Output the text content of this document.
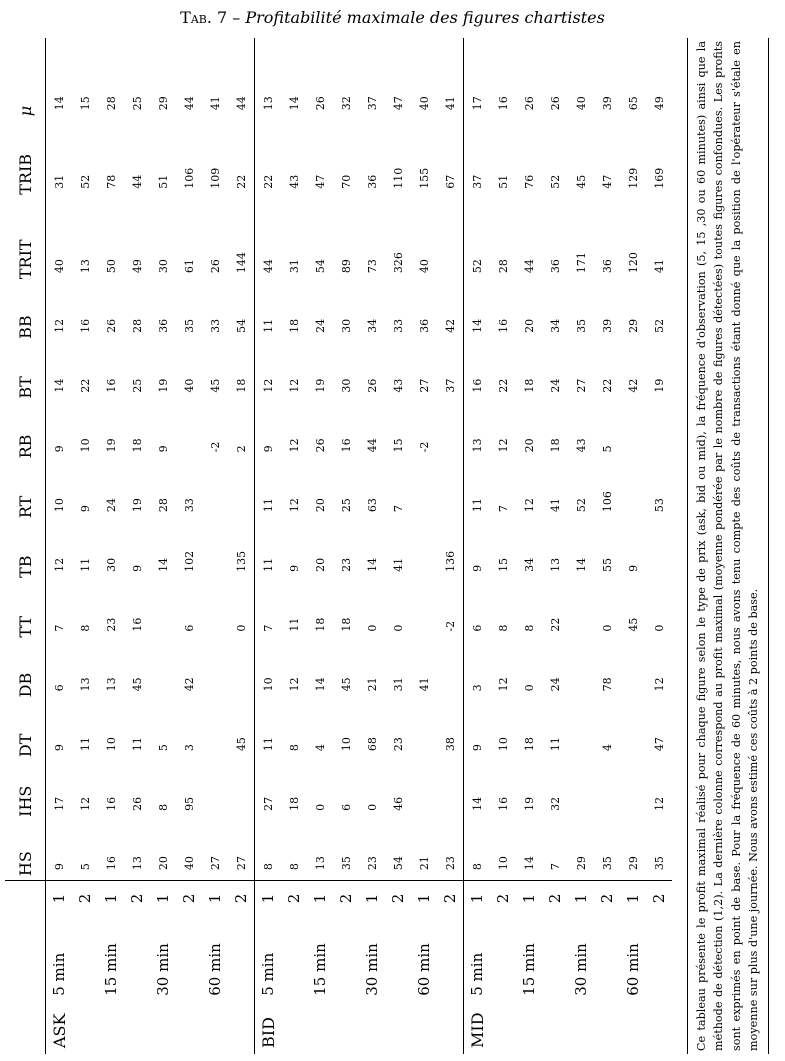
Tab. 7 – Profitabilité maximale des figures chartistes
			HS	IHS	DT	DB	TT	TB	RT	RB	BT	BB	TRIT	TRIB	μ
ASK	5 min	1	9	17	9	6	7	12	10	9	14	12	40	31	14
		2	5	12	11	13	8	11	9	10	22	16	13	52	15
	15 min	1	16	16	10	13	23	30	24	19	16	26	50	78	28
		2	13	26	11	45	16	9	19	18	25	28	49	44	25
	30 min	1	20	8	5			14	28	9	19	36	30	51	29
		2	40	95	3	42	6	102	33		40	35	61	106	44
	60 min	1	27							-2	45	33	26	109	41
		2	27		45		0	135		2	18	54	144	22	44
BID	5 min	1	8	27	11	10	7	11	11	9	12	11	44	22	13
		2	8	18	8	12	11	9	12	12	12	18	31	43	14
	15 min	1	13	0	4	14	18	20	20	26	19	24	54	47	26
		2	35	6	10	45	18	23	25	16	30	30	89	70	32
	30 min	1	23	0	68	21	0	14	63	44	26	34	73	36	37
		2	54	46	23	31	0	41	7	15	43	33	326	110	47
	60 min	1	21			41				-2	27	36	40	155	40
		2	23		38		-2	136			37	42		67	41
MID	5 min	1	8	14	9	3	6	9	11	13	16	14	52	37	17
		2	10	16	10	12	8	15	7	12	22	16	28	51	16
	15 min	1	14	19	18	0	8	34	12	20	18	20	44	76	26
		2	7	32	11	24	22	13	41	18	24	34	36	52	26
	30 min	1	29					14	52	43	27	35	171	45	40
		2	35		4	78	0	55	106	5	22	39	36	47	39
	60 min	1	29				45	9			42	29	120	129	65
		2	35	12	47	12	0		53		19	52	41	169	49	Ce tableau présente le profit maximal réalisé pour chaque figure selon le type de prix (ask, bid ou mid), la fréquence d'observation (5, 15 ,30 ou 60 minutes) ainsi que la méthode de détection (1,2). La dernière colonne correspond au profit maximal (moyenne pondérée par le nombre de figures détectées) toutes figures confondues. Les profits sont exprimés en point de base. Pour la fréquence de 60 minutes, nous avons tenu compte des coûts de transactions étant donné que la position de l'opérateur s'étale en moyenne sur plus d'une journée. Nous avons estimé ces coûts à 2 points de base.
